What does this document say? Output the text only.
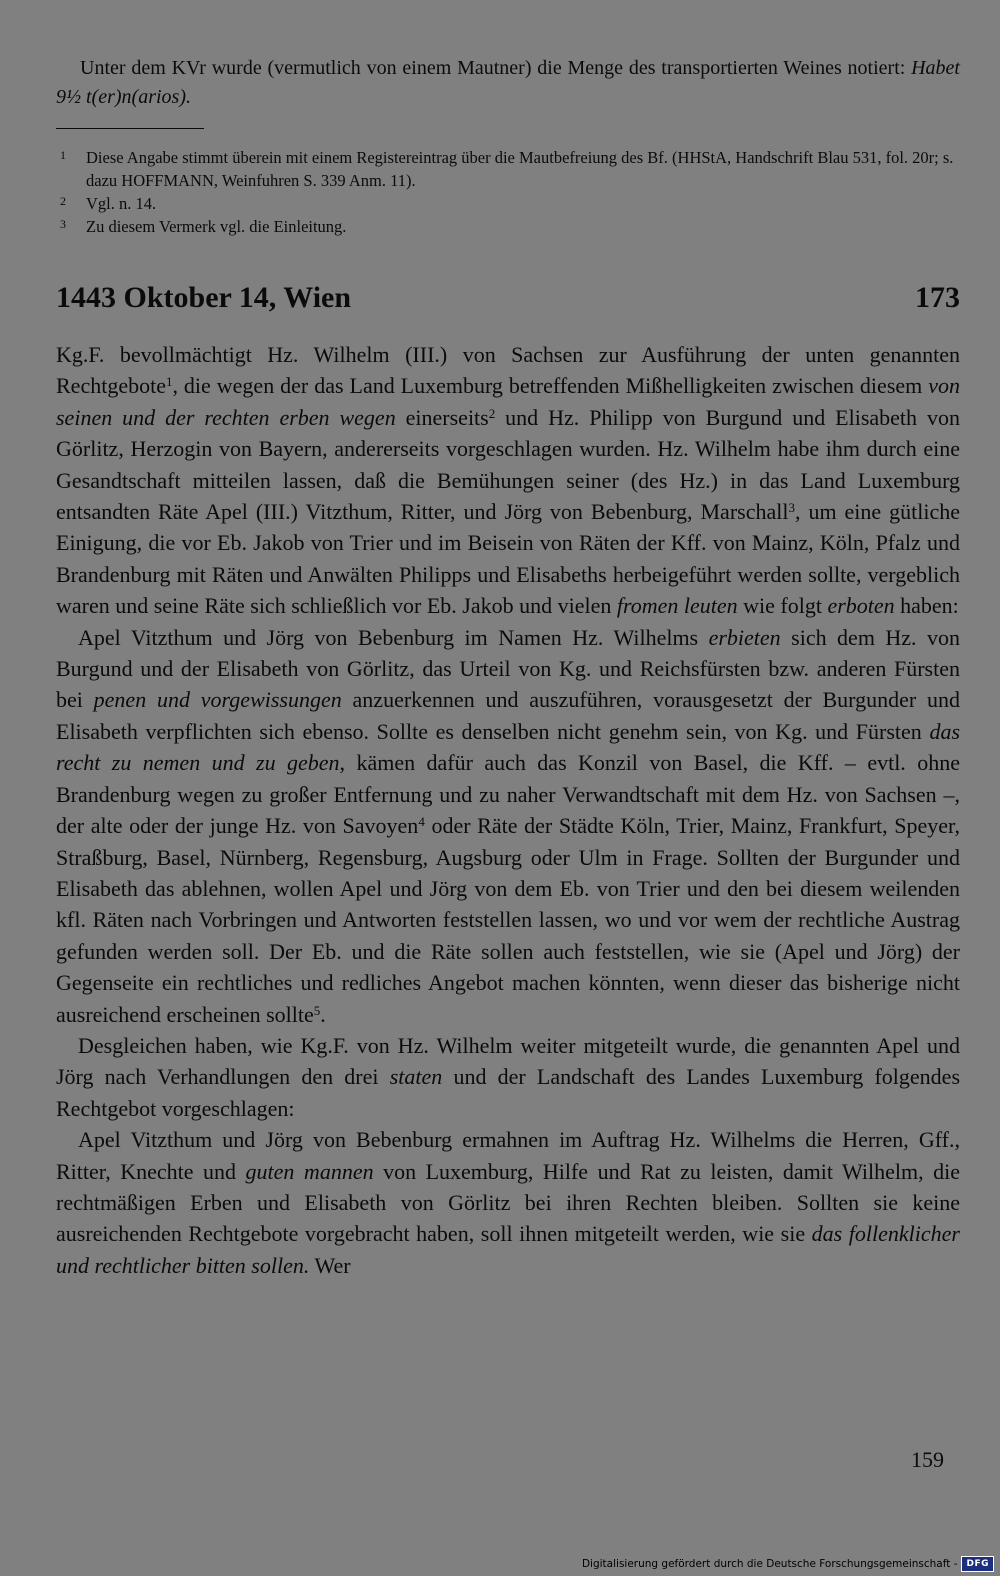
Unter dem KVr wurde (vermutlich von einem Mautner) die Menge des transportierten Weines notiert: Habet 9½ t(er)n(arios).
1	Diese Angabe stimmt überein mit einem Registereintrag über die Mautbefreiung des Bf. (HHStA, Handschrift Blau 531, fol. 20r; s. dazu HOFFMANN, Weinfuhren S. 339 Anm. 11).
2	Vgl. n. 14.
3	Zu diesem Vermerk vgl. die Einleitung.
1443 Oktober 14, Wien	173

Kg.F. bevollmächtigt Hz. Wilhelm (III.) von Sachsen zur Ausführung der unten genannten Rechtgebote$^1$, die wegen der das Land Luxemburg betreffenden Mißhelligkeiten zwischen diesem von seinen und der rechten erben wegen einerseits$^2$ und Hz. Philipp von Burgund und Elisabeth von Görlitz, Herzogin von Bayern, andererseits vorgeschlagen wurden. Hz. Wilhelm habe ihm durch eine Gesandtschaft mitteilen lassen, daß die Bemühungen seiner (des Hz.) in das Land Luxemburg entsandten Räte Apel (III.) Vitzthum, Ritter, und Jörg von Bebenburg, Marschall$^3$, um eine gütliche Einigung, die vor Eb. Jakob von Trier und im Beisein von Räten der Kff. von Mainz, Köln, Pfalz und Brandenburg mit Räten und Anwälten Philipps und Elisabeths herbeigeführt werden sollte, vergeblich waren und seine Räte sich schließlich vor Eb. Jakob und vielen fromen leuten wie folgt erboten haben:

Apel Vitzthum und Jörg von Bebenburg im Namen Hz. Wilhelms erbieten sich dem Hz. von Burgund und der Elisabeth von Görlitz, das Urteil von Kg. und Reichsfürsten bzw. anderen Fürsten bei penen und vorgewissungen anzuerkennen und auszuführen, vorausgesetzt der Burgunder und Elisabeth verpflichten sich ebenso. Sollte es denselben nicht genehm sein, von Kg. und Fürsten das recht zu nemen und zu geben, kämen dafür auch das Konzil von Basel, die Kff. – evtl. ohne Brandenburg wegen zu großer Entfernung und zu naher Verwandtschaft mit dem Hz. von Sachsen –, der alte oder der junge Hz. von Savoyen$^4$ oder Räte der Städte Köln, Trier, Mainz, Frankfurt, Speyer, Straßburg, Basel, Nürnberg, Regensburg, Augsburg oder Ulm in Frage. Sollten der Burgunder und Elisabeth das ablehnen, wollen Apel und Jörg von dem Eb. von Trier und den bei diesem weilenden kfl. Räten nach Vorbringen und Antworten feststellen lassen, wo und vor wem der rechtliche Austrag gefunden werden soll. Der Eb. und die Räte sollen auch feststellen, wie sie (Apel und Jörg) der Gegenseite ein rechtliches und redliches Angebot machen könnten, wenn dieser das bisherige nicht ausreichend erscheinen sollte$^5$.

Desgleichen haben, wie Kg.F. von Hz. Wilhelm weiter mitgeteilt wurde, die genannten Apel und Jörg nach Verhandlungen den drei staten und der Landschaft des Landes Luxemburg folgendes Rechtgebot vorgeschlagen:

Apel Vitzthum und Jörg von Bebenburg ermahnen im Auftrag Hz. Wilhelms die Herren, Gff., Ritter, Knechte und guten mannen von Luxemburg, Hilfe und Rat zu leisten, damit Wilhelm, die rechtmäßigen Erben und Elisabeth von Görlitz bei ihren Rechten bleiben. Sollten sie keine ausreichenden Rechtgebote vorgebracht haben, soll ihnen mitgeteilt werden, wie sie das follenklicher und rechtlicher bitten sollen. Wer

159
Digitalisierung gefördert durch die Deutsche Forschungsgemeinschaft -	DFG
